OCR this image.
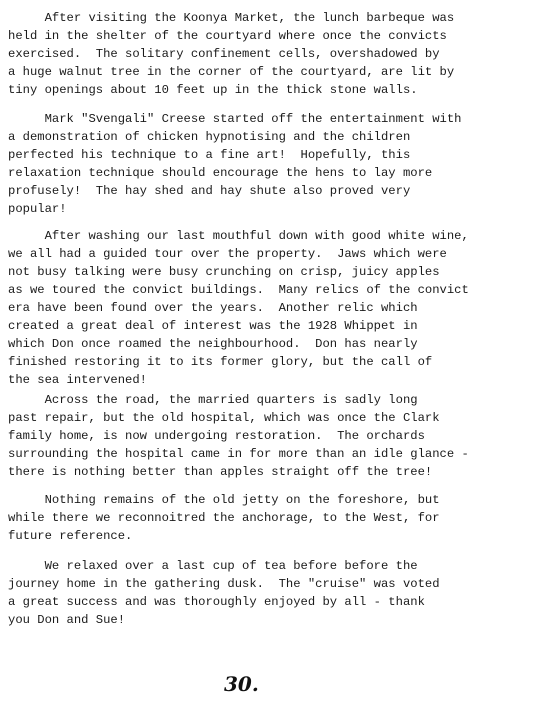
After visiting the Koonya Market, the lunch barbeque was
held in the shelter of the courtyard where once the convicts
exercised.  The solitary confinement cells, overshadowed by
a huge walnut tree in the corner of the courtyard, are lit by
tiny openings about 10 feet up in the thick stone walls.
Mark "Svengali" Creese started off the entertainment with
a demonstration of chicken hypnotising and the children
perfected his technique to a fine art!  Hopefully, this
relaxation technique should encourage the hens to lay more
profusely!  The hay shed and hay shute also proved very
popular!
After washing our last mouthful down with good white wine,
we all had a guided tour over the property.  Jaws which were
not busy talking were busy crunching on crisp, juicy apples
as we toured the convict buildings.  Many relics of the convict
era have been found over the years.  Another relic which
created a great deal of interest was the 1928 Whippet in
which Don once roamed the neighbourhood.  Don has nearly
finished restoring it to its former glory, but the call of
the sea intervened!
Across the road, the married quarters is sadly long
past repair, but the old hospital, which was once the Clark
family home, is now undergoing restoration.  The orchards
surrounding the hospital came in for more than an idle glance -
there is nothing better than apples straight off the tree!
Nothing remains of the old jetty on the foreshore, but
while there we reconnoitred the anchorage, to the West, for
future reference.
We relaxed over a last cup of tea before before the
journey home in the gathering dusk.  The "cruise" was voted
a great success and was thoroughly enjoyed by all - thank
you Don and Sue!
30.
